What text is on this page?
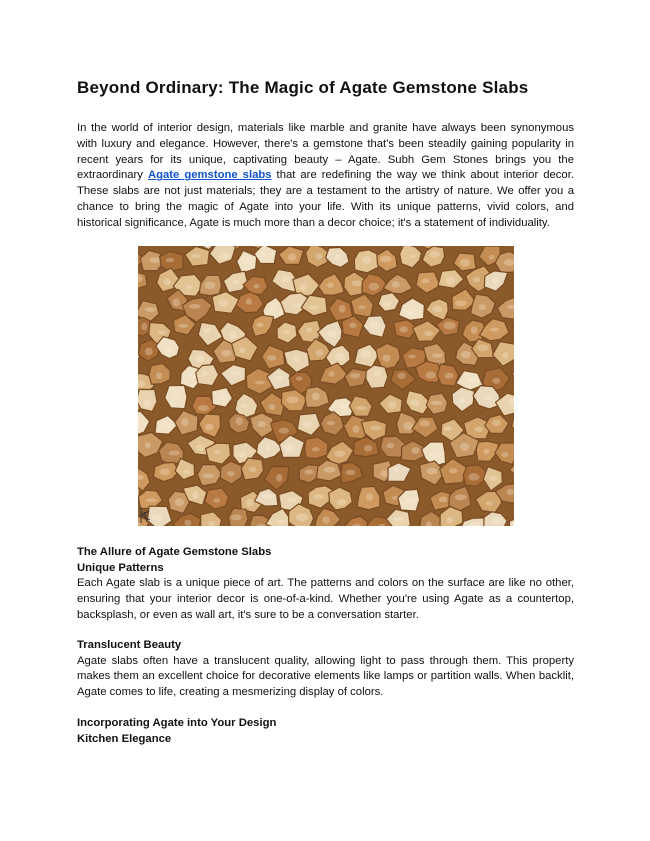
Beyond Ordinary: The Magic of Agate Gemstone Slabs

In the world of interior design, materials like marble and granite have always been synonymous with luxury and elegance. However, there's a gemstone that's been steadily gaining popularity in recent years for its unique, captivating beauty – Agate. Subh Gem Stones brings you the extraordinary Agate gemstone slabs that are redefining the way we think about interior decor. These slabs are not just materials; they are a testament to the artistry of nature. We offer you a chance to bring the magic of Agate into your life. With its unique patterns, vivid colors, and historical significance, Agate is much more than a decor choice; it's a statement of individuality.

The Allure of Agate Gemstone Slabs
Unique Patterns
Each Agate slab is a unique piece of art. The patterns and colors on the surface are like no other, ensuring that your interior decor is one-of-a-kind. Whether you're using Agate as a countertop, backsplash, or even as wall art, it's sure to be a conversation starter.
Translucent Beauty
Agate slabs often have a translucent quality, allowing light to pass through them. This property makes them an excellent choice for decorative elements like lamps or partition walls. When backlit, Agate comes to life, creating a mesmerizing display of colors.
Incorporating Agate into Your Design
Kitchen Elegance
